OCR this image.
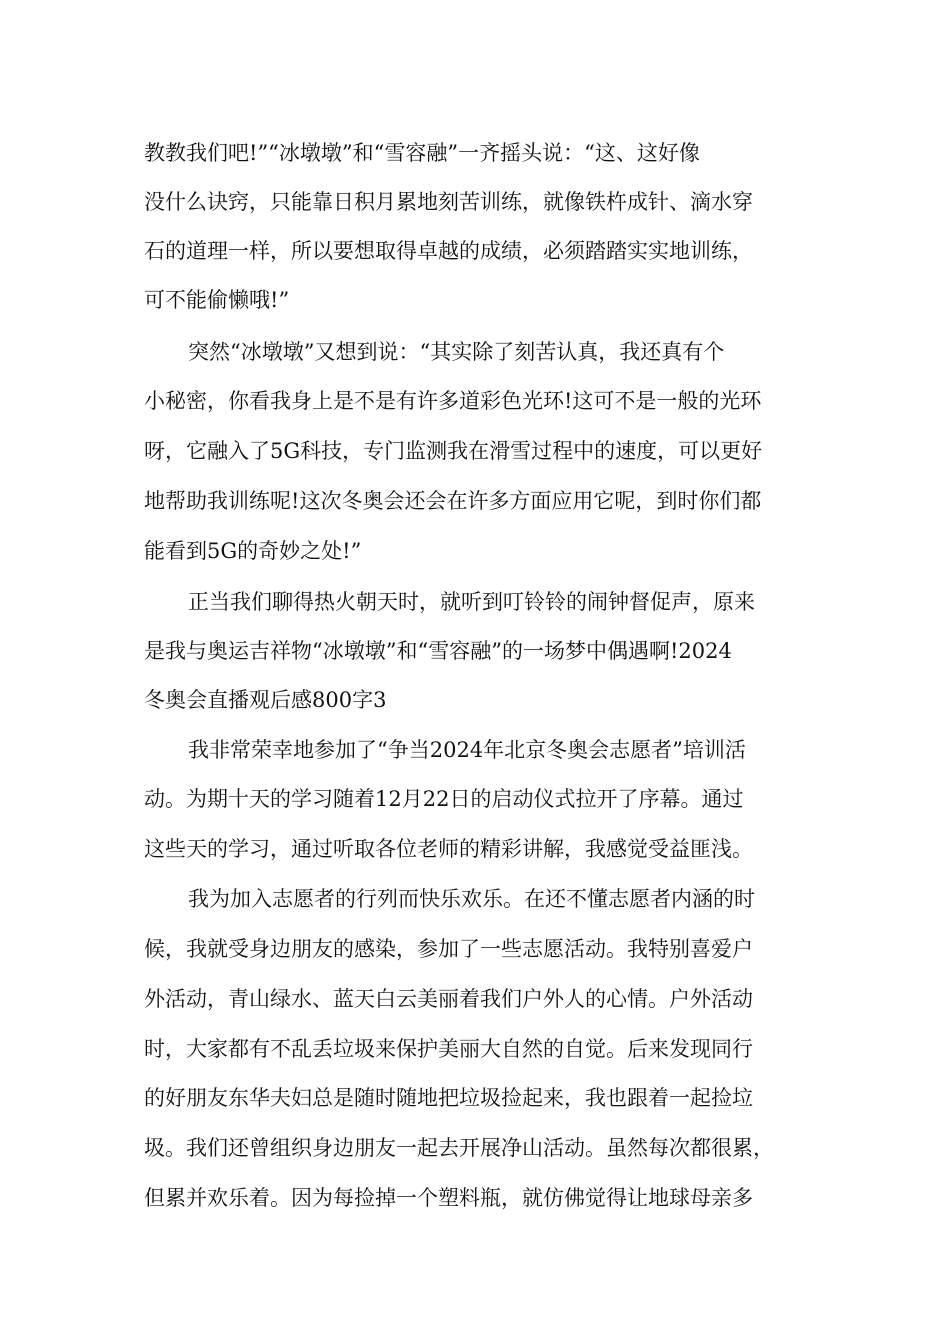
教教我们吧!”“冰墩墩”和“雪容融”一齐摇头说：“这、这好像
没什么诀窍，只能靠日积月累地刻苦训练，就像铁杵成针、滴水穿
石的道理一样，所以要想取得卓越的成绩，必须踏踏实实地训练，
可不能偷懒哦!”
突然“冰墩墩”又想到说：“其实除了刻苦认真，我还真有个
小秘密，你看我身上是不是有许多道彩色光环!这可不是一般的光环
呀，它融入了5G科技，专门监测我在滑雪过程中的速度，可以更好
地帮助我训练呢!这次冬奥会还会在许多方面应用它呢，到时你们都
能看到5G的奇妙之处!”
正当我们聊得热火朝天时，就听到叮铃铃的闹钟督促声，原来
是我与奥运吉祥物“冰墩墩”和“雪容融”的一场梦中偶遇啊!2024
冬奥会直播观后感800字3
我非常荣幸地参加了“争当2024年北京冬奥会志愿者”培训活
动。为期十天的学习随着12月22日的启动仪式拉开了序幕。通过
这些天的学习，通过听取各位老师的精彩讲解，我感觉受益匪浅。
我为加入志愿者的行列而快乐欢乐。在还不懂志愿者内涵的时
候，我就受身边朋友的感染，参加了一些志愿活动。我特别喜爱户
外活动，青山绿水、蓝天白云美丽着我们户外人的心情。户外活动
时，大家都有不乱丢垃圾来保护美丽大自然的自觉。后来发现同行
的好朋友东华夫妇总是随时随地把垃圾捡起来，我也跟着一起捡垃
圾。我们还曾组织身边朋友一起去开展净山活动。虽然每次都很累，
但累并欢乐着。因为每捡掉一个塑料瓶，就仿佛觉得让地球母亲多
